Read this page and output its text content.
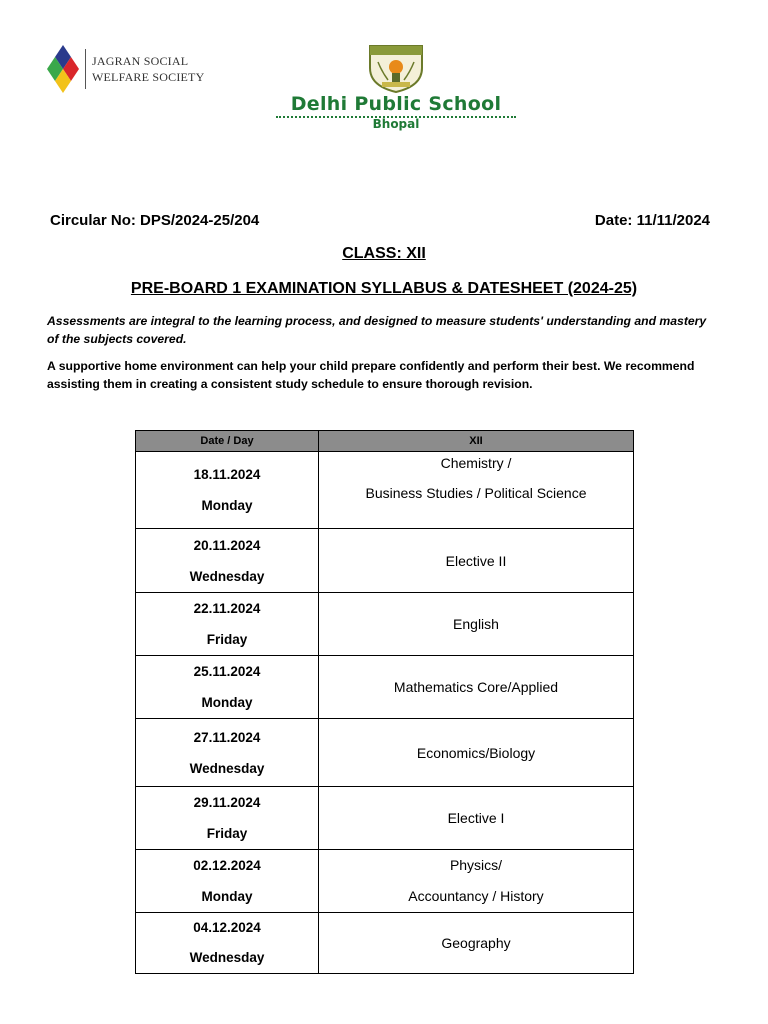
JAGRAN SOCIAL
WELFARE SOCIETY
Delhi Public School
Bhopal
Circular No: DPS/2024-25/204	Date: 11/11/2024
CLASS: XII
PRE-BOARD 1 EXAMINATION SYLLABUS & DATESHEET (2024-25)
Assessments are integral to the learning process, and designed to measure students' understanding and mastery of the subjects covered.
A supportive home environment can help your child prepare confidently and perform their best. We recommend assisting them in creating a consistent study schedule to ensure thorough revision.
Date / Day	XII

18.11.2024
Monday	Chemistry /
Business Studies / Political Science

20.11.2024
Wednesday	Elective II

22.11.2024
Friday	English

25.11.2024
Monday	Mathematics Core/Applied

27.11.2024
Wednesday	Economics/Biology

29.11.2024
Friday	Elective I

02.12.2024
Monday	Physics/
Accountancy / History

04.12.2024
Wednesday	Geography
